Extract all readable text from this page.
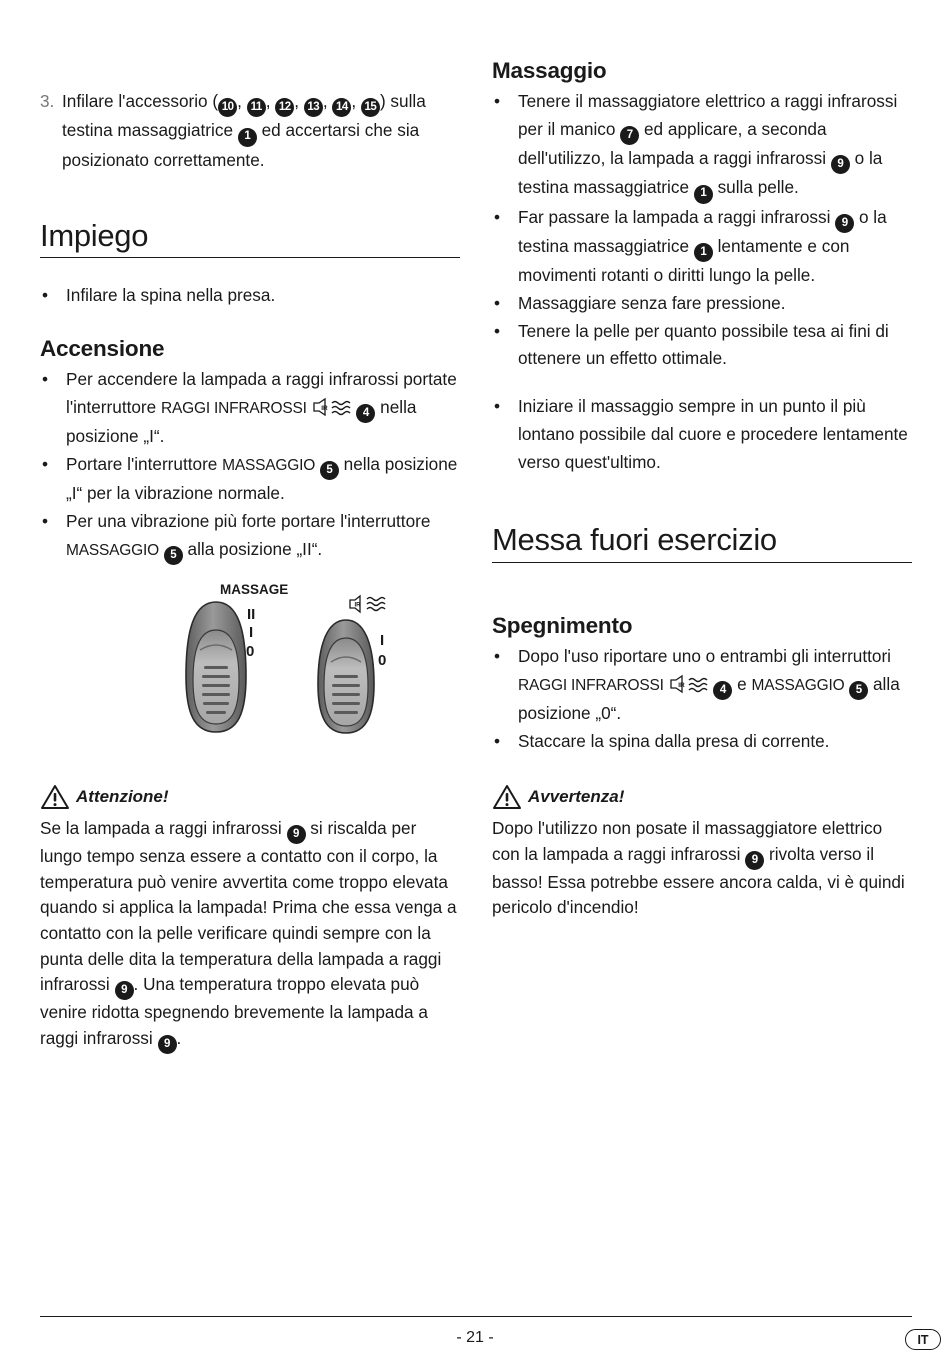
3. Infilare l'accessorio ( 10 , 11 , 12 , 13 , 14 , 15 ) sulla testina massaggiatrice 1 ed accertarsi che sia posizionato correttamente.
Impiego
• Infilare la spina nella presa.
Accensione
• Per accendere la lampada a raggi infrarossi portate l'interruttore RAGGI INFRAROSSI IR	4 nella posizione „I“.
• Portare l'interruttore MASSAGGIO 5 nella posizione „I“ per la vibrazione normale.
• Per una vibrazione più forte portare l'interruttore MASSAGGIO 5 alla posizione „II“.
MASSAGE
II
I
0
IR
I
0
Attenzione!
Se la lampada a raggi infrarossi 9 si riscalda per lungo tempo senza essere a contatto con il corpo, la temperatura può venire avvertita come troppo elevata quando si applica la lampada! Prima che essa venga a contatto con la pelle verificare quindi sempre con la punta delle dita la temperatura della lampada a raggi infrarossi 9 . Una temperatura troppo elevata può venire ridotta spegnendo brevemente la lampada a raggi infrarossi 9 .
Massaggio
• Tenere il massaggiatore elettrico a raggi infrarossi per il manico 7 ed applicare, a seconda dell'utilizzo, la lampada a raggi infrarossi 9 o la testina massaggiatrice 1 sulla pelle.
• Far passare la lampada a raggi infrarossi 9 o la testina massaggiatrice 1 lentamente e con movimenti rotanti o diritti lungo la pelle.
• Massaggiare senza fare pressione.
• Tenere la pelle per quanto possibile tesa ai fini di ottenere un effetto ottimale.
• Iniziare il massaggio sempre in un punto il più lontano possibile dal cuore e procedere lentamente verso quest'ultimo.
Messa fuori esercizio
Spegnimento
• Dopo l'uso riportare uno o entrambi gli interruttori RAGGI INFRAROSSI IR	4 e MASSAGGIO 5 alla posizione „0“.
• Staccare la spina dalla presa di corrente.
Avvertenza!
Dopo l'utilizzo non posate il massaggiatore elettrico con la lampada a raggi infrarossi 9 rivolta verso il basso! Essa potrebbe essere ancora calda, vi è quindi pericolo d'incendio!
- 21 -	IT
